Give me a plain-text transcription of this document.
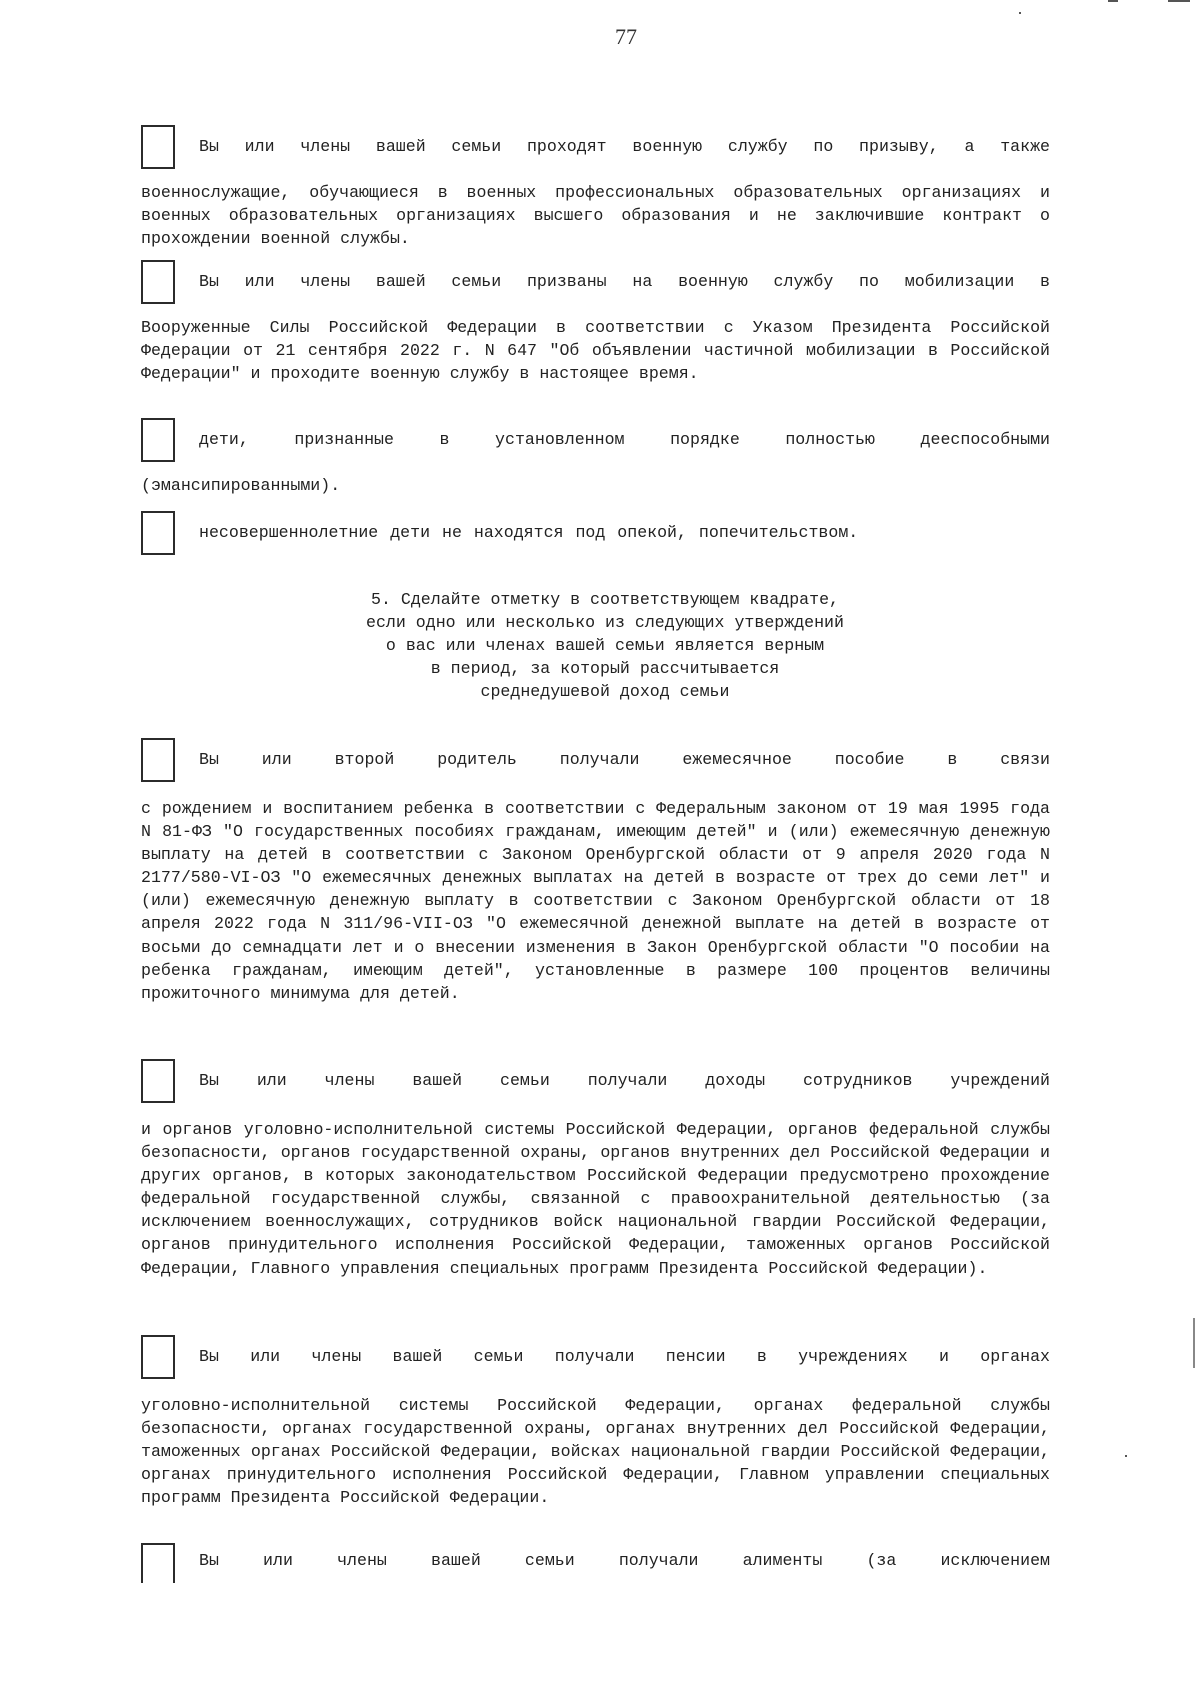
77
Вы или члены вашей семьи проходят военную службу по призыву, а также

военнослужащие, обучающиеся в военных профессиональных образовательных организациях и военных образовательных организациях высшего образования и не заключившие контракт о прохождении военной службы.

Вы или члены вашей семьи призваны на военную службу по мобилизации в

Вооруженные Силы Российской Федерации в соответствии с Указом Президента Российской Федерации от 21 сентября 2022 г. N 647 "Об объявлении частичной мобилизации в Российской Федерации" и проходите военную службу в настоящее время.

дети, признанные в установленном порядке полностью дееспособными

(эмансипированными).

несовершеннолетние дети не находятся под опекой, попечительством.
5. Сделайте отметку в соответствующем квадрате,
если одно или несколько из следующих утверждений
о вас или членах вашей семьи является верным
в период, за который рассчитывается
среднедушевой доход семьи
Вы или второй родитель получали ежемесячное пособие в связи

с рождением и воспитанием ребенка в соответствии с Федеральным законом от 19 мая 1995 года N 81-ФЗ "О государственных пособиях гражданам, имеющим детей" и (или) ежемесячную денежную выплату на детей в соответствии с Законом Оренбургской области от 9 апреля 2020 года N 2177/580-VI-ОЗ "О ежемесячных денежных выплатах на детей в возрасте от трех до семи лет" и (или) ежемесячную денежную выплату в соответствии с Законом Оренбургской области от 18 апреля 2022 года N 311/96-VII-ОЗ "О ежемесячной денежной выплате на детей в возрасте от восьми до семнадцати лет и о внесении изменения в Закон Оренбургской области "О пособии на ребенка гражданам, имеющим детей", установленные в размере 100 процентов величины прожиточного минимума для детей.

Вы или члены вашей семьи получали доходы сотрудников учреждений

и органов уголовно-исполнительной системы Российской Федерации, органов федеральной службы безопасности, органов государственной охраны, органов внутренних дел Российской Федерации и других органов, в которых законодательством Российской Федерации предусмотрено прохождение федеральной государственной службы, связанной с правоохранительной деятельностью (за исключением военнослужащих, сотрудников войск национальной гвардии Российской Федерации, органов принудительного исполнения Российской Федерации, таможенных органов Российской Федерации, Главного управления специальных программ Президента Российской Федерации).

Вы или члены вашей семьи получали пенсии в учреждениях и органах

уголовно-исполнительной системы Российской Федерации, органах федеральной службы безопасности, органах государственной охраны, органах внутренних дел Российской Федерации, таможенных органах Российской Федерации, войсках национальной гвардии Российской Федерации, органах принудительного исполнения Российской Федерации, Главном управлении специальных программ Президента Российской Федерации.

Вы или члены вашей семьи получали алименты (за исключением
